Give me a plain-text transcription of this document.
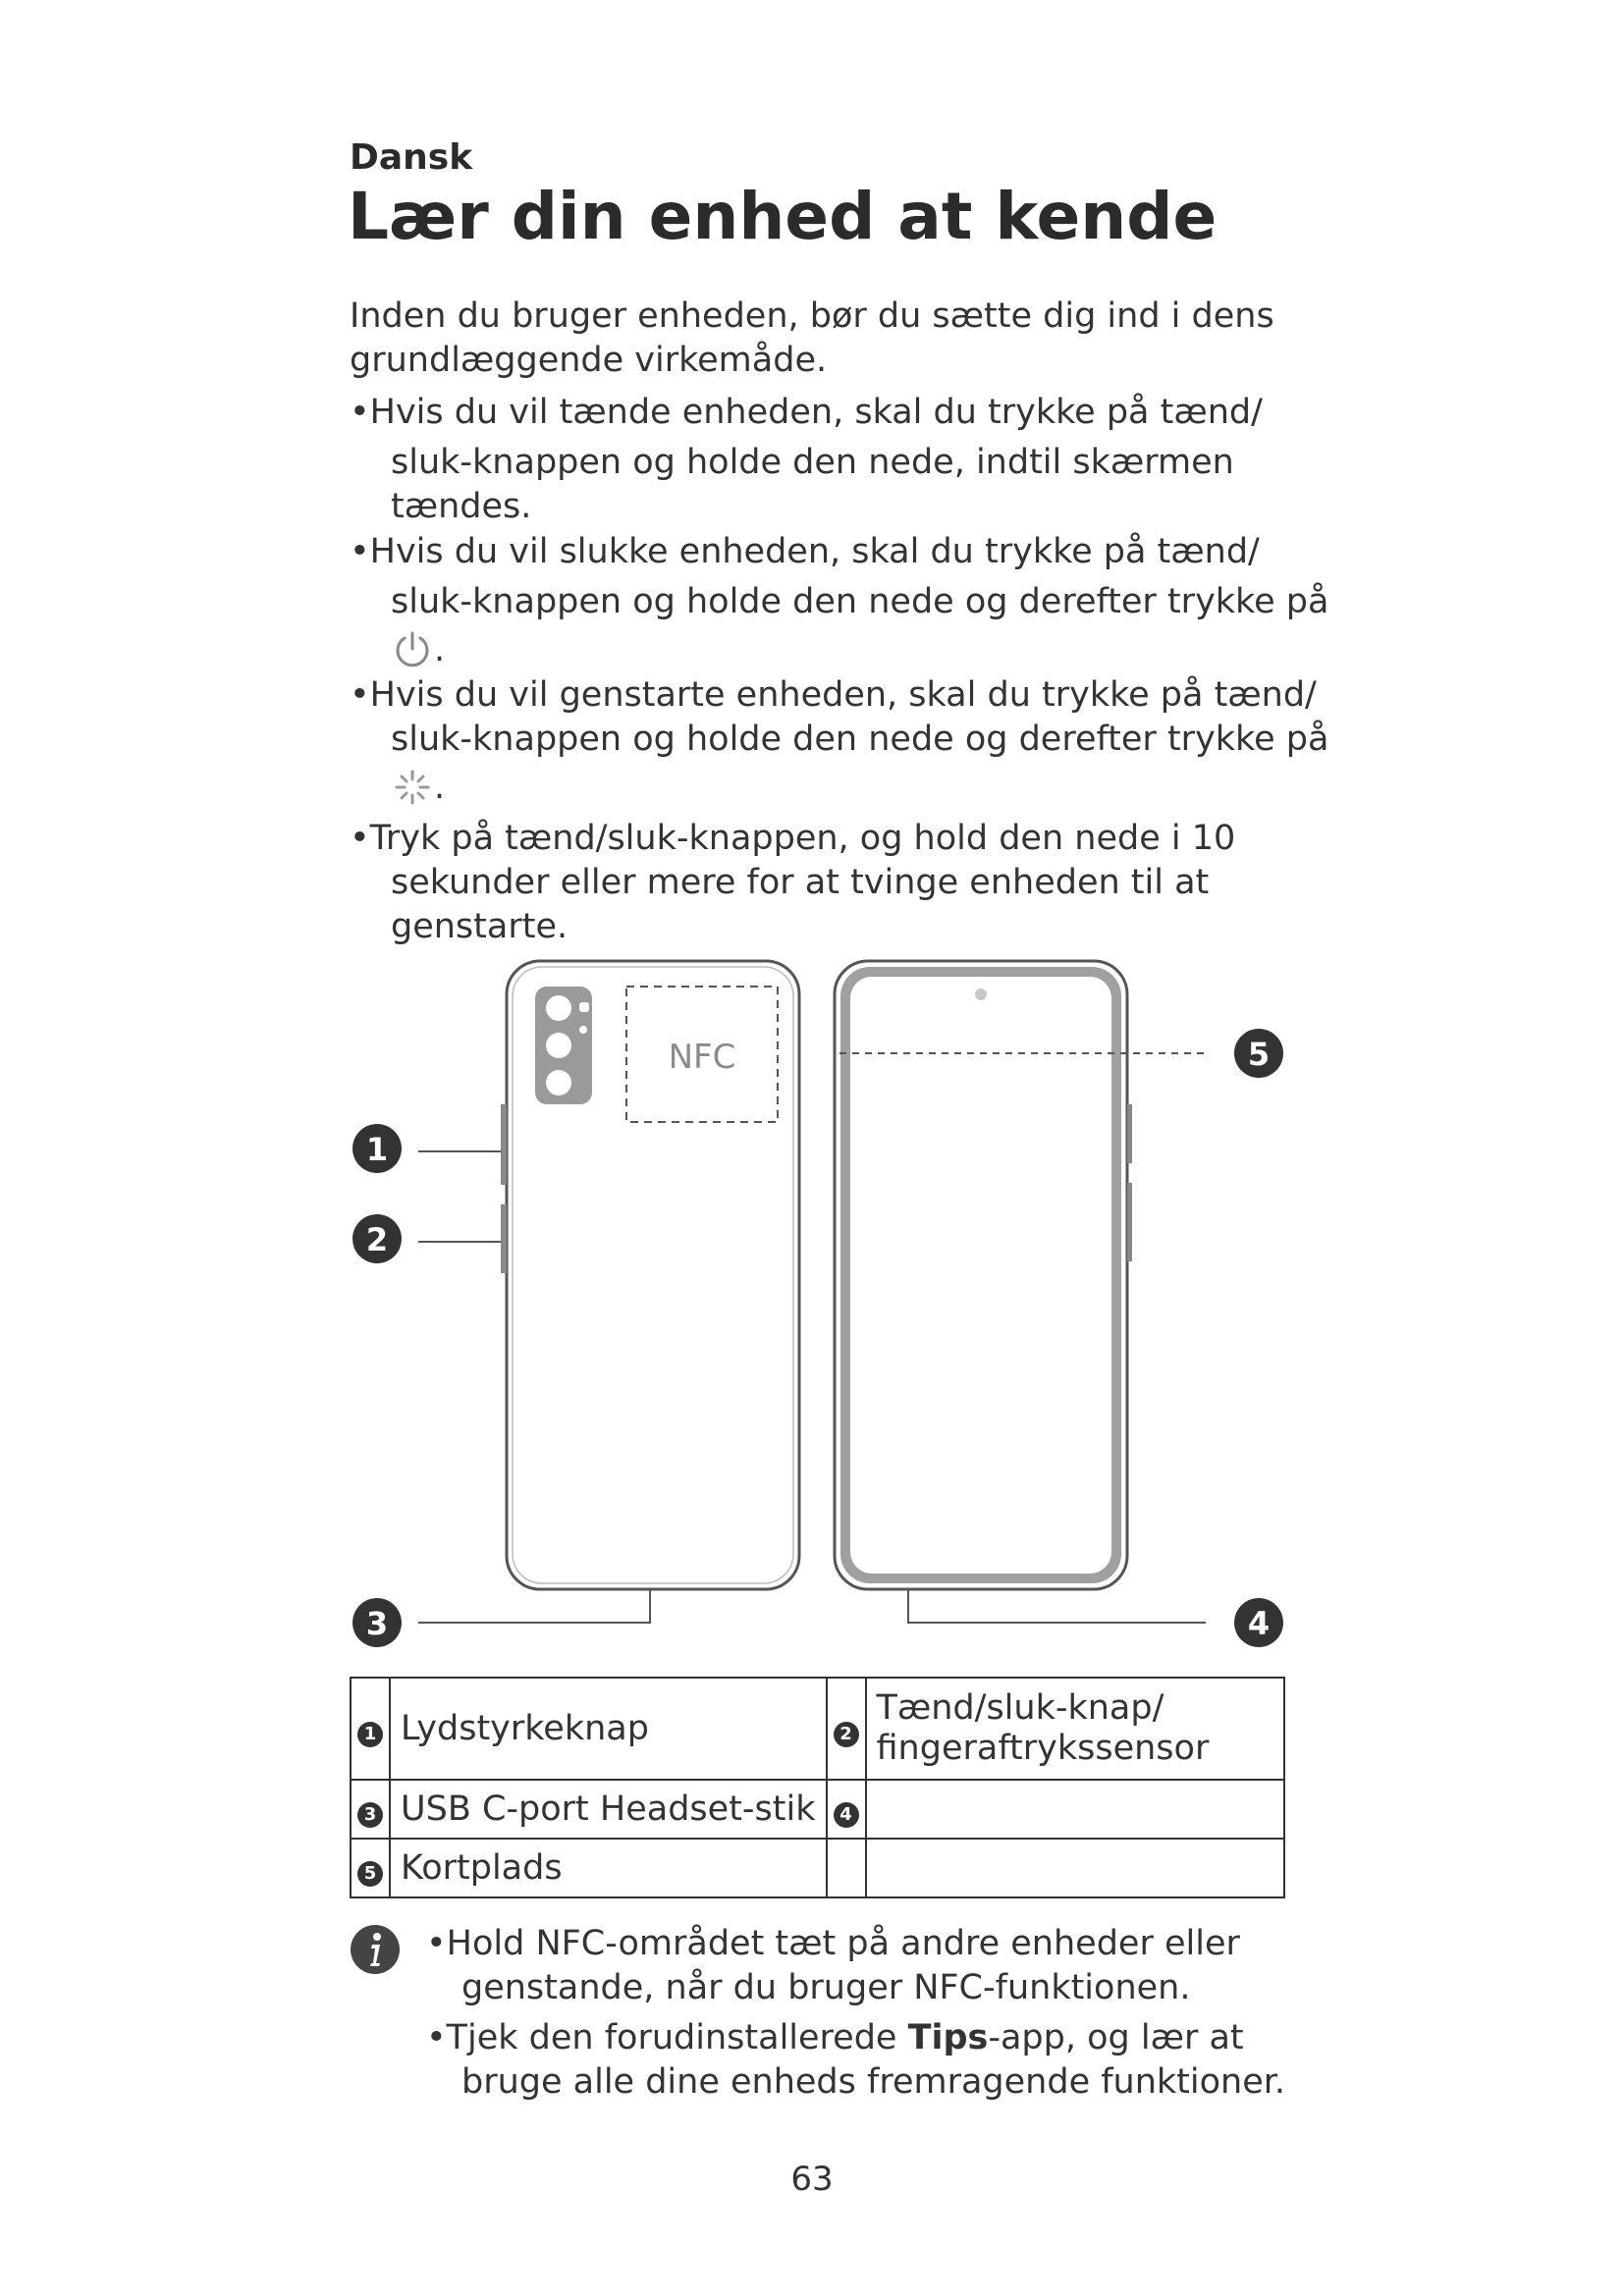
Dansk
Lær din enhed at kende
Inden du bruger enheden, bør du sætte dig ind i dens
grundlæggende virkemåde.
•Hvis du vil tænde enheden, skal du trykke på tænd/
sluk-knappen og holde den nede, indtil skærmen
tændes.
•Hvis du vil slukke enheden, skal du trykke på tænd/
sluk-knappen og holde den nede og derefter trykke på
.
•Hvis du vil genstarte enheden, skal du trykke på tænd/
sluk-knappen og holde den nede og derefter trykke på
.
•Tryk på tænd/sluk-knappen, og hold den nede i 10
sekunder eller mere for at tvinge enheden til at
genstarte.
NFC
1
2
3	4
5
1	Lydstyrkeknap	2	Tænd/sluk-knap/
fingeraftrykssensor

3	USB C-port Headset-stik	4	
5	Kortplads		
•Hold NFC-området tæt på andre enheder eller
genstande, når du bruger NFC-funktionen.
•Tjek den forudinstallerede Tips-app, og lær at
bruge alle dine enheds fremragende funktioner.
63
